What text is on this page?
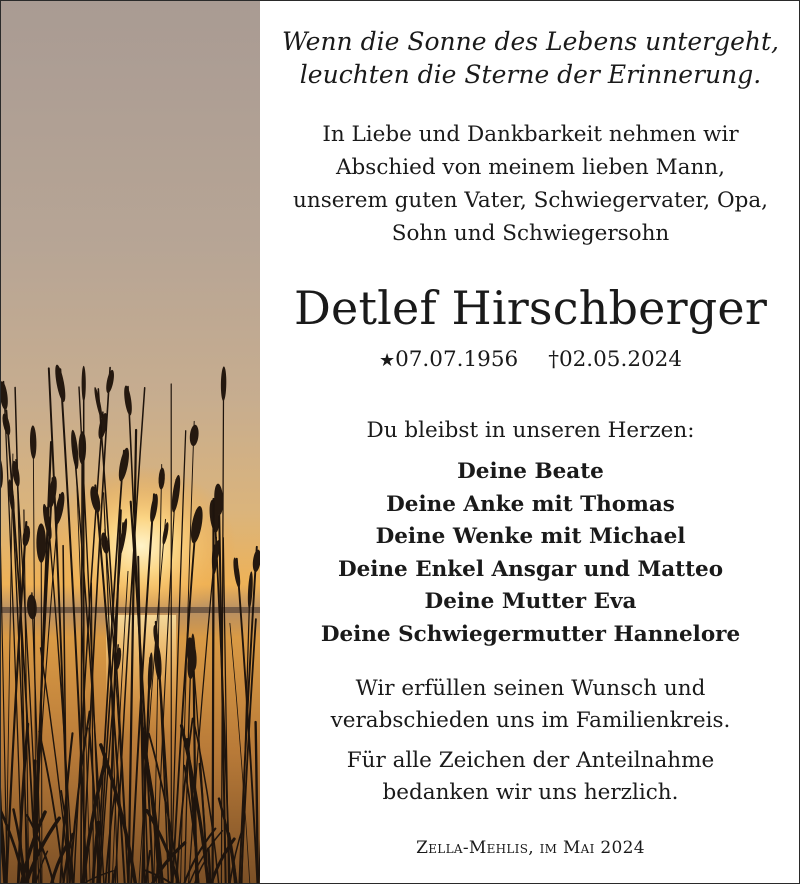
Wenn die Sonne des Lebens untergeht,
leuchten die Sterne der Erinnerung.

In Liebe und Dankbarkeit nehmen wir
Abschied von meinem lieben Mann,
unserem guten Vater, Schwiegervater, Opa,
Sohn und Schwiegersohn

Detlef Hirschberger
★07.07.1956 †02.05.2024

Du bleibst in unseren Herzen:

Deine Beate
Deine Anke mit Thomas
Deine Wenke mit Michael
Deine Enkel Ansgar und Matteo
Deine Mutter Eva
Deine Schwiegermutter Hannelore

Wir erfüllen seinen Wunsch und
verabschieden uns im Familienkreis.

Für alle Zeichen der Anteilnahme
bedanken wir uns herzlich.

Zella-Mehlis, im Mai 2024
